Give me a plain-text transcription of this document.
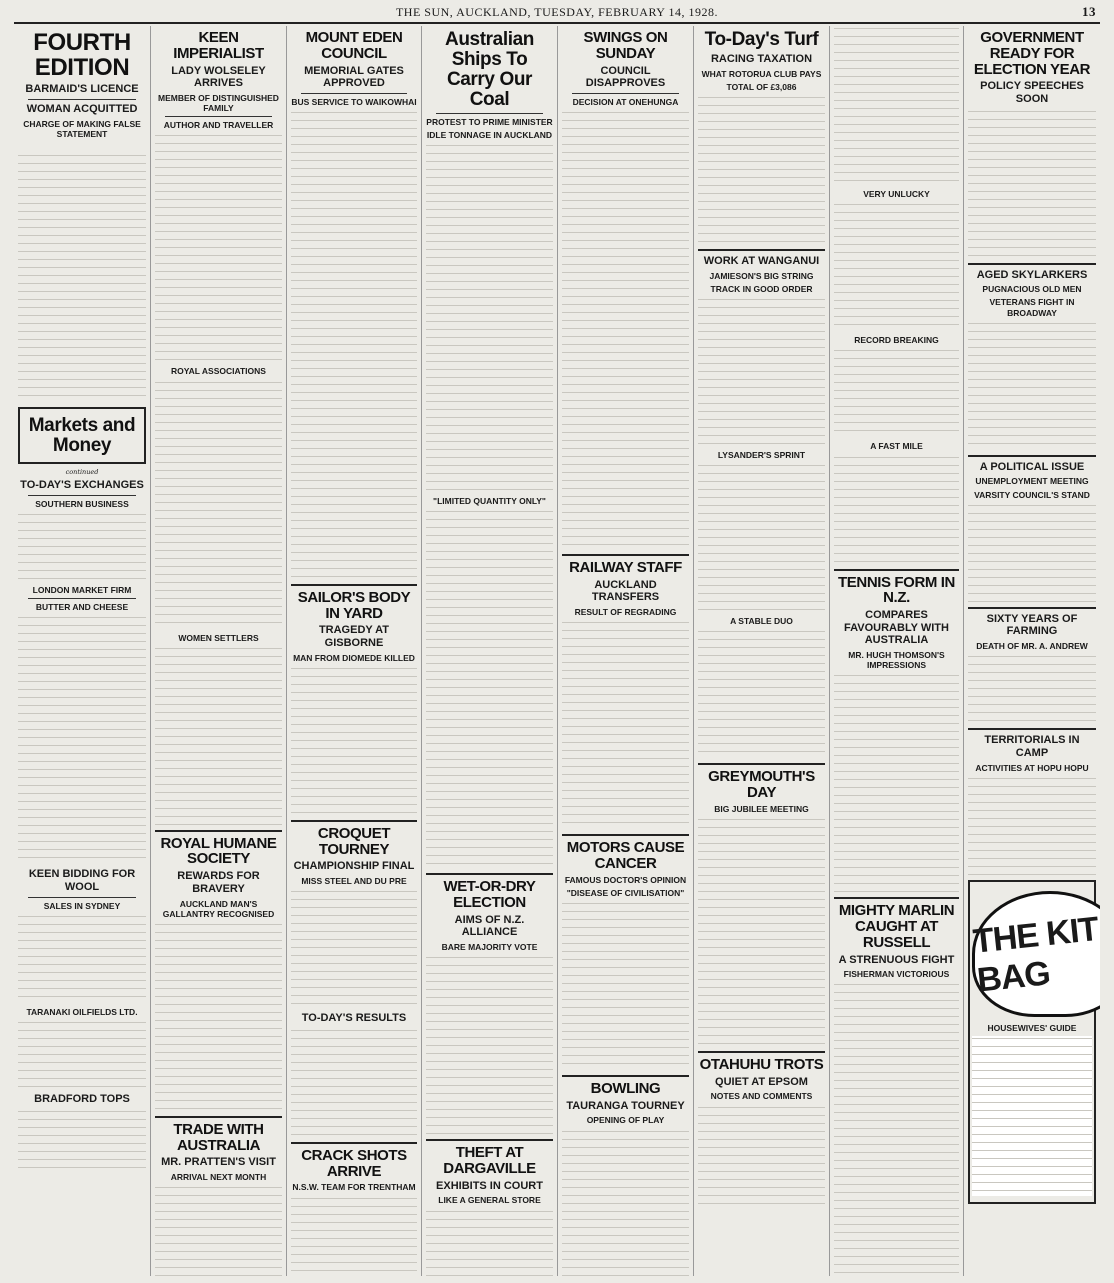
THE SUN, AUCKLAND, TUESDAY, FEBRUARY 14, 1928.	13
FOURTH EDITION
BARMAID'S LICENCE
WOMAN ACQUITTED
CHARGE OF MAKING FALSE STATEMENT

Markets and Money
continued
TO-DAY'S EXCHANGES
SOUTHERN BUSINESS

LONDON MARKET FIRM
BUTTER AND CHEESE

KEEN BIDDING FOR WOOL
SALES IN SYDNEY

TARANAKI OILFIELDS LTD.

BRADFORD TOPS

KEEN IMPERIALIST
LADY WOLSELEY ARRIVES
MEMBER OF DISTINGUISHED FAMILY
AUTHOR AND TRAVELLER

ROYAL ASSOCIATIONS

WOMEN SETTLERS

ROYAL HUMANE SOCIETY
REWARDS FOR BRAVERY
AUCKLAND MAN'S GALLANTRY RECOGNISED

TRADE WITH AUSTRALIA
MR. PRATTEN'S VISIT
ARRIVAL NEXT MONTH

MOUNT EDEN COUNCIL
MEMORIAL GATES APPROVED
BUS SERVICE TO WAIKOWHAI

SAILOR'S BODY IN YARD
TRAGEDY AT GISBORNE
MAN FROM DIOMEDE KILLED

CROQUET TOURNEY
CHAMPIONSHIP FINAL
MISS STEEL AND DU PRE

TO-DAY'S RESULTS

CRACK SHOTS ARRIVE
N.S.W. TEAM FOR TRENTHAM

Australian Ships To Carry Our Coal
PROTEST TO PRIME MINISTER
IDLE TONNAGE IN AUCKLAND

"LIMITED QUANTITY ONLY"

WET-OR-DRY ELECTION
AIMS OF N.Z. ALLIANCE
BARE MAJORITY VOTE

THEFT AT DARGAVILLE
EXHIBITS IN COURT
LIKE A GENERAL STORE

SWINGS ON SUNDAY
COUNCIL DISAPPROVES
DECISION AT ONEHUNGA

RAILWAY STAFF
AUCKLAND TRANSFERS
RESULT OF REGRADING

MOTORS CAUSE CANCER
FAMOUS DOCTOR'S OPINION
"DISEASE OF CIVILISATION"

BOWLING
TAURANGA TOURNEY
OPENING OF PLAY

To-Day's Turf
RACING TAXATION
WHAT ROTORUA CLUB PAYS
TOTAL OF £3,086

WORK AT WANGANUI
JAMIESON'S BIG STRING
TRACK IN GOOD ORDER

LYSANDER'S SPRINT

A STABLE DUO

GREYMOUTH'S DAY
BIG JUBILEE MEETING

OTAHUHU TROTS
QUIET AT EPSOM
NOTES AND COMMENTS

VERY UNLUCKY

RECORD BREAKING

A FAST MILE

TENNIS FORM IN N.Z.
COMPARES FAVOURABLY WITH AUSTRALIA
MR. HUGH THOMSON'S IMPRESSIONS

MIGHTY MARLIN CAUGHT AT RUSSELL
A STRENUOUS FIGHT
FISHERMAN VICTORIOUS

GOVERNMENT READY FOR ELECTION YEAR
POLICY SPEECHES SOON

AGED SKYLARKERS
PUGNACIOUS OLD MEN
VETERANS FIGHT IN BROADWAY

A POLITICAL ISSUE
UNEMPLOYMENT MEETING
VARSITY COUNCIL'S STAND

SIXTY YEARS OF FARMING
DEATH OF MR. A. ANDREW

TERRITORIALS IN CAMP
ACTIVITIES AT HOPU HOPU

THE KIT BAG
HOUSEWIVES' GUIDE
